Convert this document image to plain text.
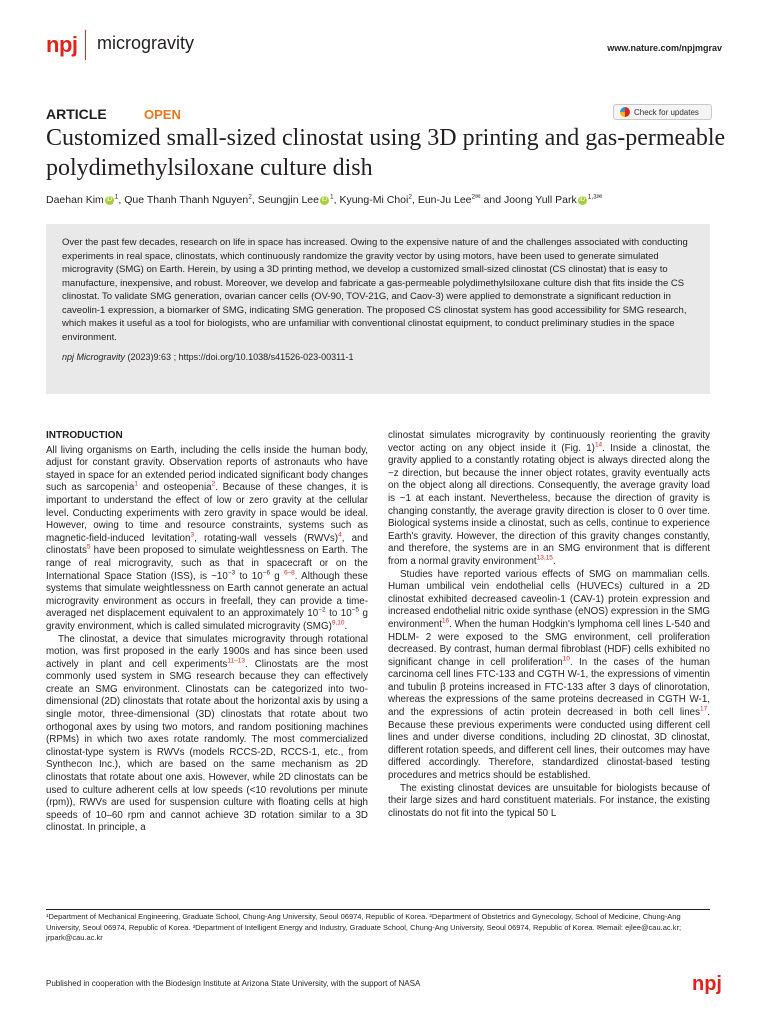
npj microgravity	www.nature.com/npjmgrav
ARTICLE	OPEN	Check for updates
Customized small-sized clinostat using 3D printing and gas-permeable polydimethylsiloxane culture dish
Daehan Kim iD $^1$, Que Thanh Thanh Nguyen$^2$, Seungjin Lee iD $^1$, Kyung-Mi Choi$^2$, Eun-Ju Lee$^{2✉}$ and Joong Yull Park iD $^{1,3✉}$
Over the past few decades, research on life in space has increased. Owing to the expensive nature of and the challenges associated with conducting experiments in real space, clinostats, which continuously randomize the gravity vector by using motors, have been used to generate simulated microgravity (SMG) on Earth. Herein, by using a 3D printing method, we develop a customized small-sized clinostat (CS clinostat) that is easy to manufacture, inexpensive, and robust. Moreover, we develop and fabricate a gas-permeable polydimethylsiloxane culture dish that fits inside the CS clinostat. To validate SMG generation, ovarian cancer cells (OV-90, TOV-21G, and Caov-3) were applied to demonstrate a significant reduction in caveolin-1 expression, a biomarker of SMG, indicating SMG generation. The proposed CS clinostat system has good accessibility for SMG research, which makes it useful as a tool for biologists, who are unfamiliar with conventional clinostat equipment, to conduct preliminary studies in the space environment.
npj Microgravity (2023)9:63 ; https://doi.org/10.1038/s41526-023-00311-1
INTRODUCTION

All living organisms on Earth, including the cells inside the human body, adjust for constant gravity. Observation reports of astronauts who have stayed in space for an extended period indicated significant body changes such as sarcopenia$^1$ and osteopenia$^2$. Because of these changes, it is important to understand the effect of low or zero gravity at the cellular level. Conducting experiments with zero gravity in space would be ideal. However, owing to time and resource constraints, systems such as magnetic-field-induced levitation$^3$, rotating-wall vessels (RWVs)$^4$, and clinostats$^5$ have been proposed to simulate weightlessness on Earth. The range of real microgravity, such as that in spacecraft or on the International Space Station (ISS), is $\sim 10^{-3}$ to $10^{-6}$ g $^{6-8}$. Although these systems that simulate weightlessness on Earth cannot generate an actual microgravity environment as occurs in freefall, they can provide a time-averaged net displacement equivalent to an approximately $10^{-2}$ to $10^{-5}$ g gravity environment, which is called simulated microgravity (SMG)$^{9,10}$.

The clinostat, a device that simulates microgravity through rotational motion, was first proposed in the early 1900s and has since been used actively in plant and cell experiments$^{11-13}$. Clinostats are the most commonly used system in SMG research because they can effectively create an SMG environment. Clinostats can be categorized into two-dimensional (2D) clinostats that rotate about the horizontal axis by using a single motor, three-dimensional (3D) clinostats that rotate about two orthogonal axes by using two motors, and random positioning machines (RPMs) in which two axes rotate randomly. The most commercialized clinostat-type system is RWVs (models RCCS-2D, RCCS-1, etc., from Synthecon Inc.), which are based on the same mechanism as 2D clinostats that rotate about one axis. However, while 2D clinostats can be used to culture adherent cells at low speeds (<10 revolutions per minute (rpm)), RWVs are used for suspension culture with floating cells at high speeds of 10–60 rpm and cannot achieve 3D rotation similar to a 3D clinostat. In principle, a

clinostat simulates microgravity by continuously reorienting the gravity vector acting on any object inside it (Fig. 1)$^{14}$. Inside a clinostat, the gravity applied to a constantly rotating object is always directed along the −z direction, but because the inner object rotates, gravity eventually acts on the object along all directions. Consequently, the average gravity load is ~1 at each instant. Nevertheless, because the direction of gravity is changing constantly, the average gravity direction is closer to 0 over time. Biological systems inside a clinostat, such as cells, continue to experience Earth's gravity. However, the direction of this gravity changes constantly, and therefore, the systems are in an SMG environment that is different from a normal gravity environment$^{13,15}$.

Studies have reported various effects of SMG on mammalian cells. Human umbilical vein endothelial cells (HUVECs) cultured in a 2D clinostat exhibited decreased caveolin-1 (CAV-1) protein expression and increased endothelial nitric oxide synthase (eNOS) expression in the SMG environment$^{16}$. When the human Hodgkin's lymphoma cell lines L-540 and HDLM- 2 were exposed to the SMG environment, cell proliferation decreased. By contrast, human dermal fibroblast (HDF) cells exhibited no significant change in cell proliferation$^{10}$. In the cases of the human carcinoma cell lines FTC-133 and CGTH W-1, the expressions of vimentin and tubulin β proteins increased in FTC-133 after 3 days of clinorotation, whereas the expressions of the same proteins decreased in CGTH W-1, and the expressions of actin protein decreased in both cell lines$^{17}$. Because these previous experiments were conducted using different cell lines and under diverse conditions, including 2D clinostat, 3D clinostat, different rotation speeds, and different cell lines, their outcomes may have differed accordingly. Therefore, standardized clinostat-based testing procedures and metrics should be established.

The existing clinostat devices are unsuitable for biologists because of their large sizes and hard constituent materials. For instance, the existing clinostats do not fit into the typical 50 L

¹Department of Mechanical Engineering, Graduate School, Chung-Ang University, Seoul 06974, Republic of Korea. ²Department of Obstetrics and Gynecology, School of Medicine, Chung-Ang University, Seoul 06974, Republic of Korea. ³Department of Intelligent Energy and Industry, Graduate School, Chung-Ang University, Seoul 06974, Republic of Korea. ✉email: ejlee@cau.ac.kr; jrpark@cau.ac.kr
Published in cooperation with the Biodesign Institute at Arizona State University, with the support of NASA	npj
